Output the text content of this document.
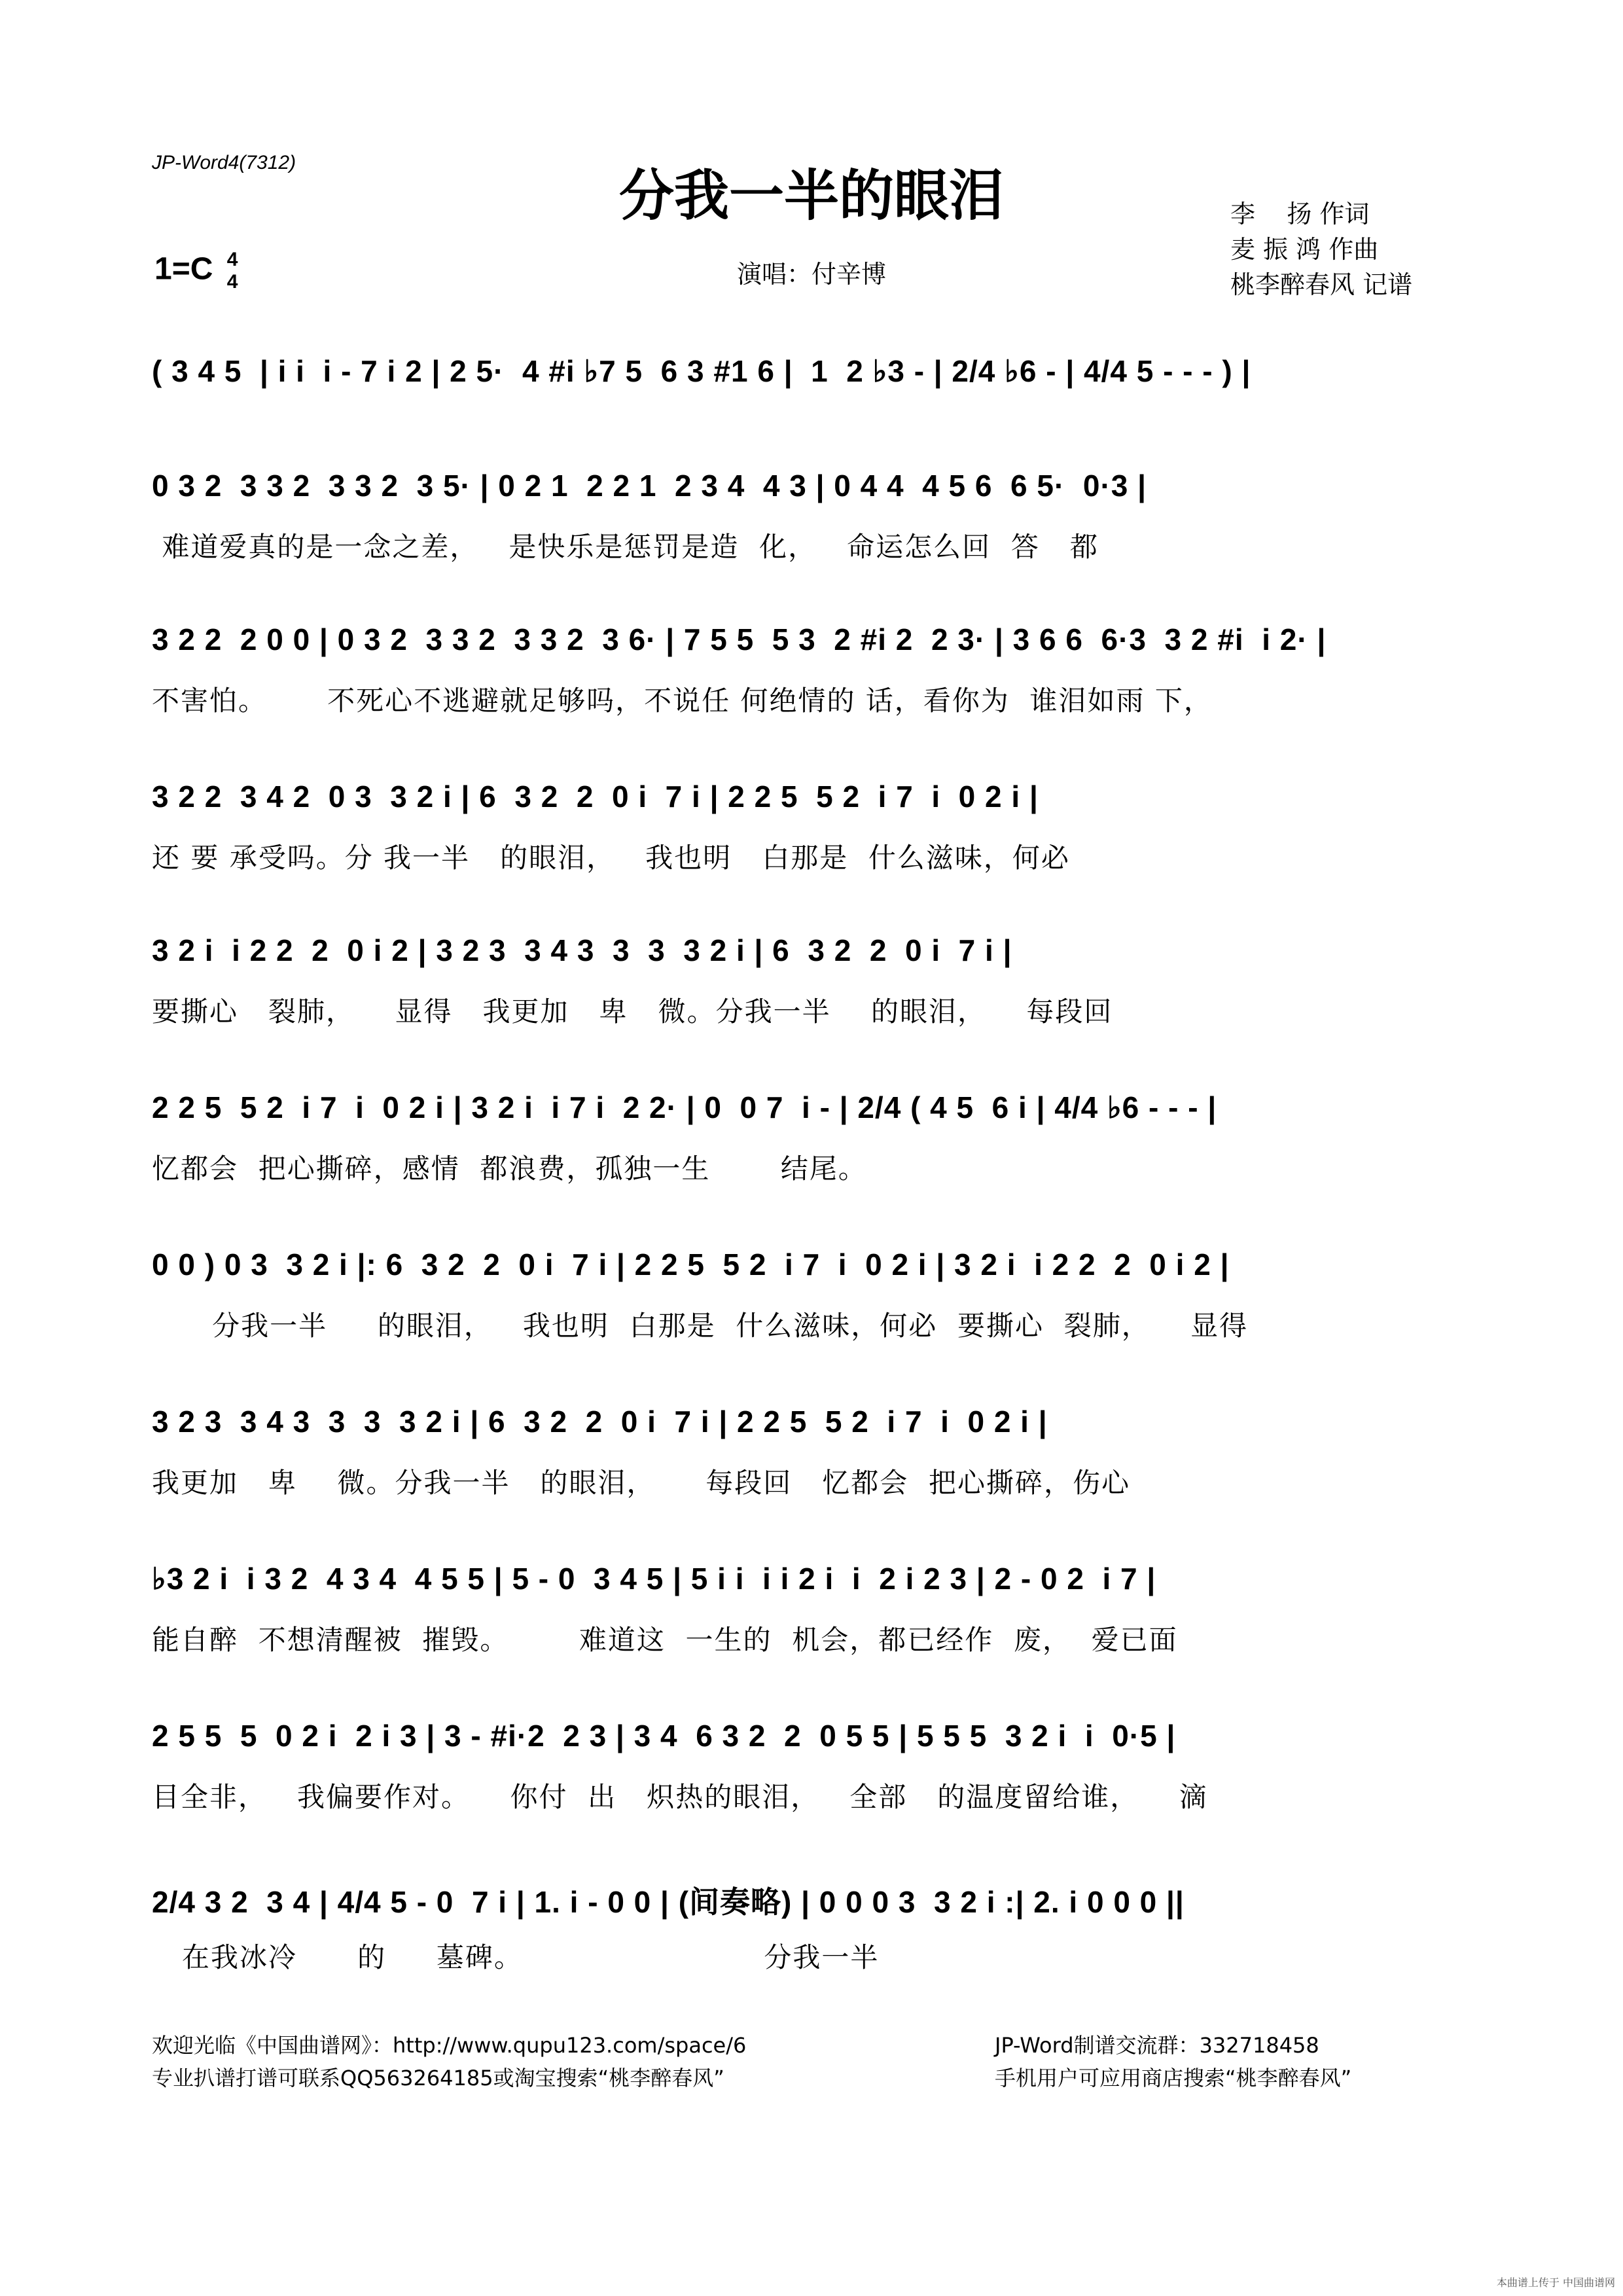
JP-Word4(7312)
分我一半的眼泪	李    扬 作词
麦 振 鸿 作曲
桃李醉春风 记谱
1=C 4
4	演唱：付辛博
( 3 4 5  | i i  i - 7 i 2 | 2 5·  4 #i ♭7 5  6 3 #1 6 |  1  2 ♭3 - | 2/4 ♭6 - | 4/4 5 - - - ) |
0 3 2  3 3 2  3 3 2  3 5· | 0 2 1  2 2 1  2 3 4  4 3 | 0 4 4  4 5 6  6 5·  0·3 |
难道爱真的是一念之差，   是快乐是惩罚是造  化，   命运怎么回  答   都
3 2 2  2 0 0 | 0 3 2  3 3 2  3 3 2  3 6· | 7 5 5  5 3  2 #i 2  2 3· | 3 6 6  6·3  3 2 #i  i 2· |
不害怕。      不死心不逃避就足够吗，不说任 何绝情的 话，看你为  谁泪如雨 下，
3 2 2  3 4 2  0 3  3 2 i | 6  3 2  2  0 i  7 i | 2 2 5  5 2  i 7  i  0 2 i |
还 要 承受吗。分 我一半   的眼泪，   我也明   白那是  什么滋味，何必
3 2 i  i 2 2  2  0 i 2 | 3 2 3  3 4 3  3  3  3 2 i | 6  3 2  2  0 i  7 i |
要撕心   裂肺，    显得   我更加   卑   微。分我一半    的眼泪，    每段回
2 2 5  5 2  i 7  i  0 2 i | 3 2 i  i 7 i  2 2· | 0  0 7  i - | 2/4 ( 4 5  6 i | 4/4 ♭6 - - - |
忆都会  把心撕碎，感情  都浪费，孤独一生       结尾。
0 0 ) 0 3  3 2 i |: 6  3 2  2  0 i  7 i | 2 2 5  5 2  i 7  i  0 2 i | 3 2 i  i 2 2  2  0 i 2 |
分我一半     的眼泪，   我也明  白那是  什么滋味，何必  要撕心  裂肺，    显得
3 2 3  3 4 3  3  3  3 2 i | 6  3 2  2  0 i  7 i | 2 2 5  5 2  i 7  i  0 2 i |
我更加   卑    微。分我一半   的眼泪，     每段回   忆都会  把心撕碎，伤心
♭3 2 i  i 3 2  4 3 4  4 5 5 | 5 - 0  3 4 5 | 5 i i  i i 2 i  i  2 i 2 3 | 2 - 0 2  i 7 |
能自醉  不想清醒被  摧毁。       难道这  一生的  机会，都已经作  废，  爱已面
2 5 5  5  0 2 i  2 i 3 | 3 - #i·2  2 3 | 3 4  6 3 2  2  0 5 5 | 5 5 5  3 2 i  i  0·5 |
目全非，   我偏要作对。    你付  出   炽热的眼泪，   全部   的温度留给谁，    滴
2/4 3 2  3 4 | 4/4 5 - 0  7 i | 1. i - 0 0 | (间奏略) | 0 0 0 3  3 2 i :| 2. i 0 0 0 ||
在我冰冷      的     墓碑。                        分我一半
欢迎光临《中国曲谱网》：http://www.qupu123.com/space/6
专业扒谱打谱可联系QQ563264185或淘宝搜索“桃李醉春风”
JP-Word制谱交流群：332718458
手机用户可应用商店搜索“桃李醉春风”
本曲谱上传于 中国曲谱网
